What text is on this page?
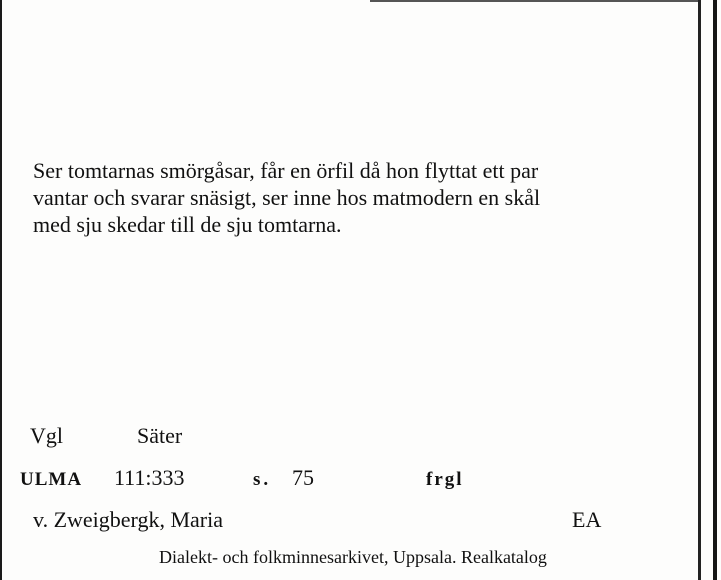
Ser tomtarnas smörgåsar, får en örfil då hon flyttat ett par
vantar och svarar snäsigt, ser inne hos matmodern en skål
med sju skedar till de sju tomtarna.

Vgl	Säter
ULMA 111:333	s. 75	frgl
v. Zweigbergk, Maria	EA
Dialekt- och folkminnesarkivet, Uppsala. Realkatalog
